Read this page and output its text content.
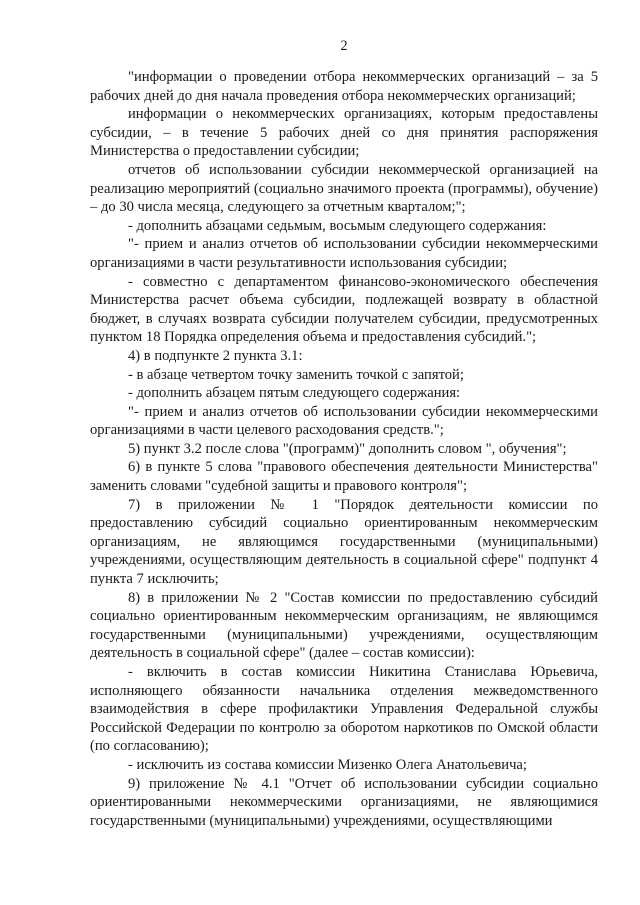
2

"информации о проведении отбора некоммерческих организаций – за 5 рабочих дней до дня начала проведения отбора некоммерческих организаций;

информации о некоммерческих организациях, которым предоставлены субсидии, – в течение 5 рабочих дней со дня принятия распоряжения Министерства о предоставлении субсидии;

отчетов об использовании субсидии некоммерческой организацией на реализацию мероприятий (социально значимого проекта (программы), обучение) – до 30 числа месяца, следующего за отчетным кварталом;";

- дополнить абзацами седьмым, восьмым следующего содержания:

"- прием и анализ отчетов об использовании субсидии некоммерческими организациями в части результативности использования субсидии;

- совместно с департаментом финансово-экономического обеспечения Министерства расчет объема субсидии, подлежащей возврату в областной бюджет, в случаях возврата субсидии получателем субсидии, предусмотренных пунктом 18 Порядка определения объема и предоставления субсидий.";

4) в подпункте 2 пункта 3.1:

- в абзаце четвертом точку заменить точкой с запятой;

- дополнить абзацем пятым следующего содержания:

"- прием и анализ отчетов об использовании субсидии некоммерческими организациями в части целевого расходования средств.";

5) пункт 3.2 после слова "(программ)" дополнить словом ", обучения";

6) в пункте 5 слова "правового обеспечения деятельности Министерства" заменить словами "судебной защиты и правового контроля";

7) в приложении № 1 "Порядок деятельности комиссии по предоставлению субсидий социально ориентированным некоммерческим организациям, не являющимся государственными (муниципальными) учреждениями, осуществляющим деятельность в социальной сфере" подпункт 4 пункта 7 исключить;

8) в приложении № 2 "Состав комиссии по предоставлению субсидий социально ориентированным некоммерческим организациям, не являющимся государственными (муниципальными) учреждениями, осуществляющим деятельность в социальной сфере" (далее – состав комиссии):

- включить в состав комиссии Никитина Станислава Юрьевича, исполняющего обязанности начальника отделения межведомственного взаимодействия в сфере профилактики Управления Федеральной службы Российской Федерации по контролю за оборотом наркотиков по Омской области (по согласованию);

- исключить из состава комиссии Мизенко Олега Анатольевича;

9) приложение № 4.1 "Отчет об использовании субсидии социально ориентированными некоммерческими организациями, не являющимися государственными (муниципальными) учреждениями, осуществляющими
